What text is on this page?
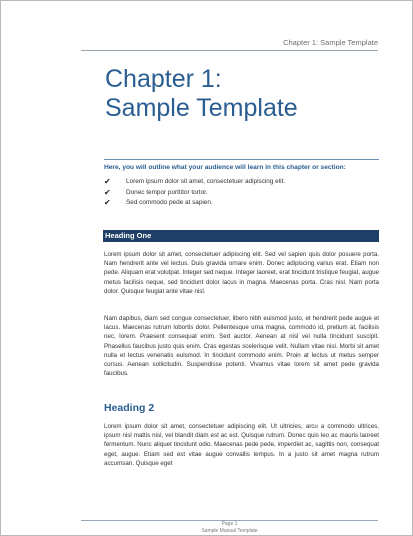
Chapter 1: Sample Template
Chapter 1:
Sample Template

Here, you will outline what your audience will learn in this chapter or section:

✔	Lorem ipsum dolor sit amet, consectetuer adipiscing elit.
✔	Donec tempor porttitor tortor.
✔	Sed commodo pede at sapien.
Heading One

Lorem ipsum dolor sit amet, consectetuer adipiscing elit. Sed vel sapien quis dolor posuere porta. Nam hendrerit ante vel lectus. Duis gravida ornare enim. Donec adipiscing varius erat. Etiam non pede. Aliquam erat volutpat. Integer sed neque. Integer laoreet, erat tincidunt tristique feugiat, augue metus facilisis neque, sed tincidunt dolor lacus in magna. Maecenas porta. Cras nisl. Nam porta dolor. Quisque feugiat ante vitae nisl.

Nam dapibus, diam sed congue consectetuer, libero nibh euismod justo, et hendrerit pede augue et lacus. Maecenas rutrum lobortis dolor. Pellentesque urna magna, commodo id, pretium at, facilisis nec, lorem. Praesent consequat enim. Sed auctor. Aenean at nisl vel nulla tincidunt suscipit. Phasellus faucibus justo quis enim. Cras egestas scelerisque velit. Nullam vitae nisl. Morbi sit amet nulla et lectus venenatis euismod. In tincidunt commodo enim. Proin at lectus ut metus semper cursus. Aenean sollicitudin. Suspendisse potenti. Vivamus vitae lorem sit amet pede gravida faucibus.

Heading 2

Lorem ipsum dolor sit amet, consectetuer adipiscing elit. Ut ultricies, arcu a commodo ultrices, ipsum nisl mattis nisl, vel blandit diam est ac est. Quisque rutrum. Donec quis leo ac mauris laoreet fermentum. Nunc aliquet tincidunt odio. Maecenas pede pede, imperdiet ac, sagittis non, consequat eget, augue. Etiam sed est vitae augue convallis tempus. In a justo sit amet magna rutrum accumsan. Quisque eget

Page 1
Sample Manual Template
